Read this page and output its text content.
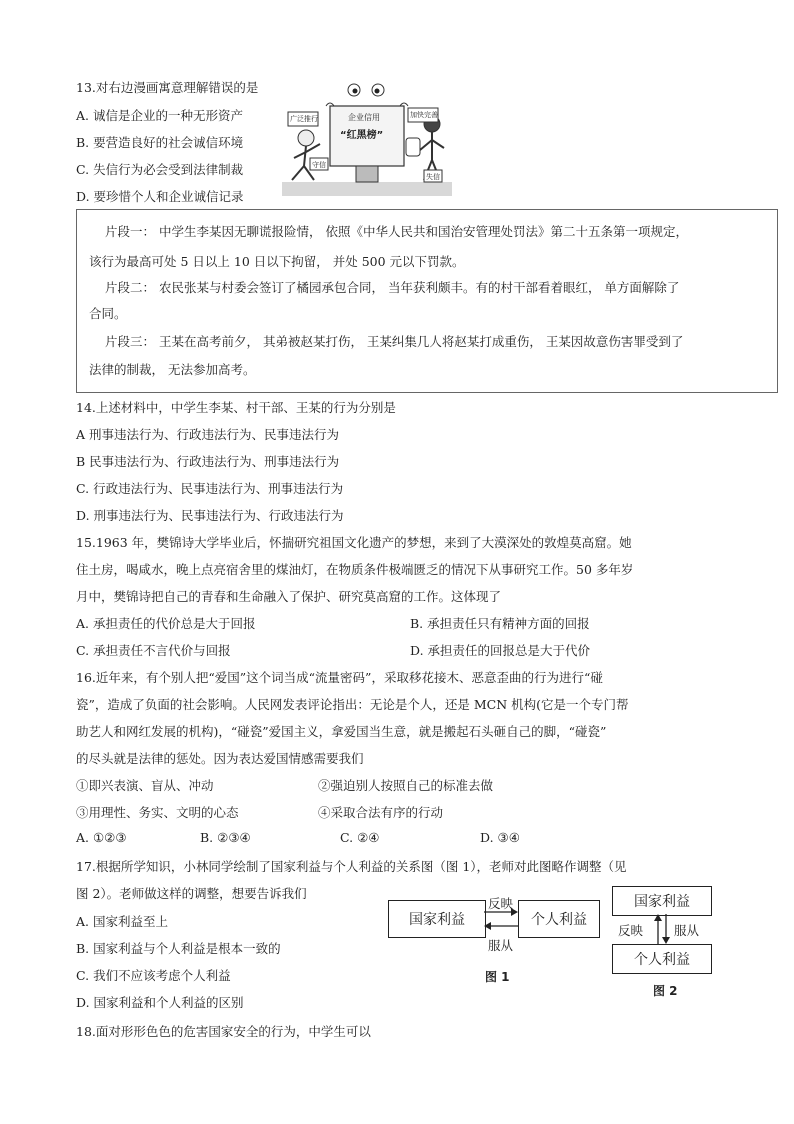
13.对右边漫画寓意理解错误的是
A. 诚信是企业的一种无形资产
B. 要营造良好的社会诚信环境
C. 失信行为必会受到法律制裁
D. 要珍惜个人和企业诚信记录
企业信用
“红黑榜”
广泛推行	加快完善
守信
失信
片段一： 中学生李某因无聊谎报险情， 依照《中华人民共和国治安管理处罚法》第二十五条第一项规定，
该行为最高可处 5 日以上 10 日以下拘留， 并处 500 元以下罚款。
片段二： 农民张某与村委会签订了橘园承包合同， 当年获利颇丰。有的村干部看着眼红， 单方面解除了
合同。
片段三： 王某在高考前夕， 其弟被赵某打伤， 王某纠集几人将赵某打成重伤， 王某因故意伤害罪受到了
法律的制裁， 无法参加高考。
14.上述材料中，中学生李某、村干部、王某的行为分别是
A 刑事违法行为、行政违法行为、民事违法行为
B 民事违法行为、行政违法行为、刑事违法行为
C. 行政违法行为、民事违法行为、刑事违法行为
D. 刑事违法行为、民事违法行为、行政违法行为
15.1963 年，樊锦诗大学毕业后，怀揣研究祖国文化遗产的梦想，来到了大漠深处的敦煌莫高窟。她
住土房，喝咸水，晚上点亮宿舍里的煤油灯，在物质条件极端匮乏的情况下从事研究工作。50 多年岁
月中，樊锦诗把自己的青春和生命融入了保护、研究莫高窟的工作。这体现了
A. 承担责任的代价总是大于回报	B. 承担责任只有精神方面的回报
C. 承担责任不言代价与回报	D. 承担责任的回报总是大于代价
16.近年来，有个别人把“爱国”这个词当成“流量密码”，采取移花接木、恶意歪曲的行为进行“碰
瓷”，造成了负面的社会影响。人民网发表评论指出：无论是个人，还是 MCN 机构(它是一个专门帮
助艺人和网红发展的机构)，“碰瓷”爱国主义，拿爱国当生意，就是搬起石头砸自己的脚，“碰瓷”
的尽头就是法律的惩处。因为表达爱国情感需要我们
①即兴表演、盲从、冲动	②强迫别人按照自己的标准去做
③用理性、务实、文明的心态	④采取合法有序的行动
A. ①②③	B. ②③④	C. ②④	D. ③④
17.根据所学知识，小林同学绘制了国家利益与个人利益的关系图（图 1），老师对此图略作调整（见
图 2）。老师做这样的调整，想要告诉我们
A. 国家利益至上
B. 国家利益与个人利益是根本一致的
C. 我们不应该考虑个人利益
D. 国家利益和个人利益的区别
国家利益	个人利益
反映
服从
图 1
国家利益
个人利益
反映 服从
图 2
18.面对形形色色的危害国家安全的行为，中学生可以
